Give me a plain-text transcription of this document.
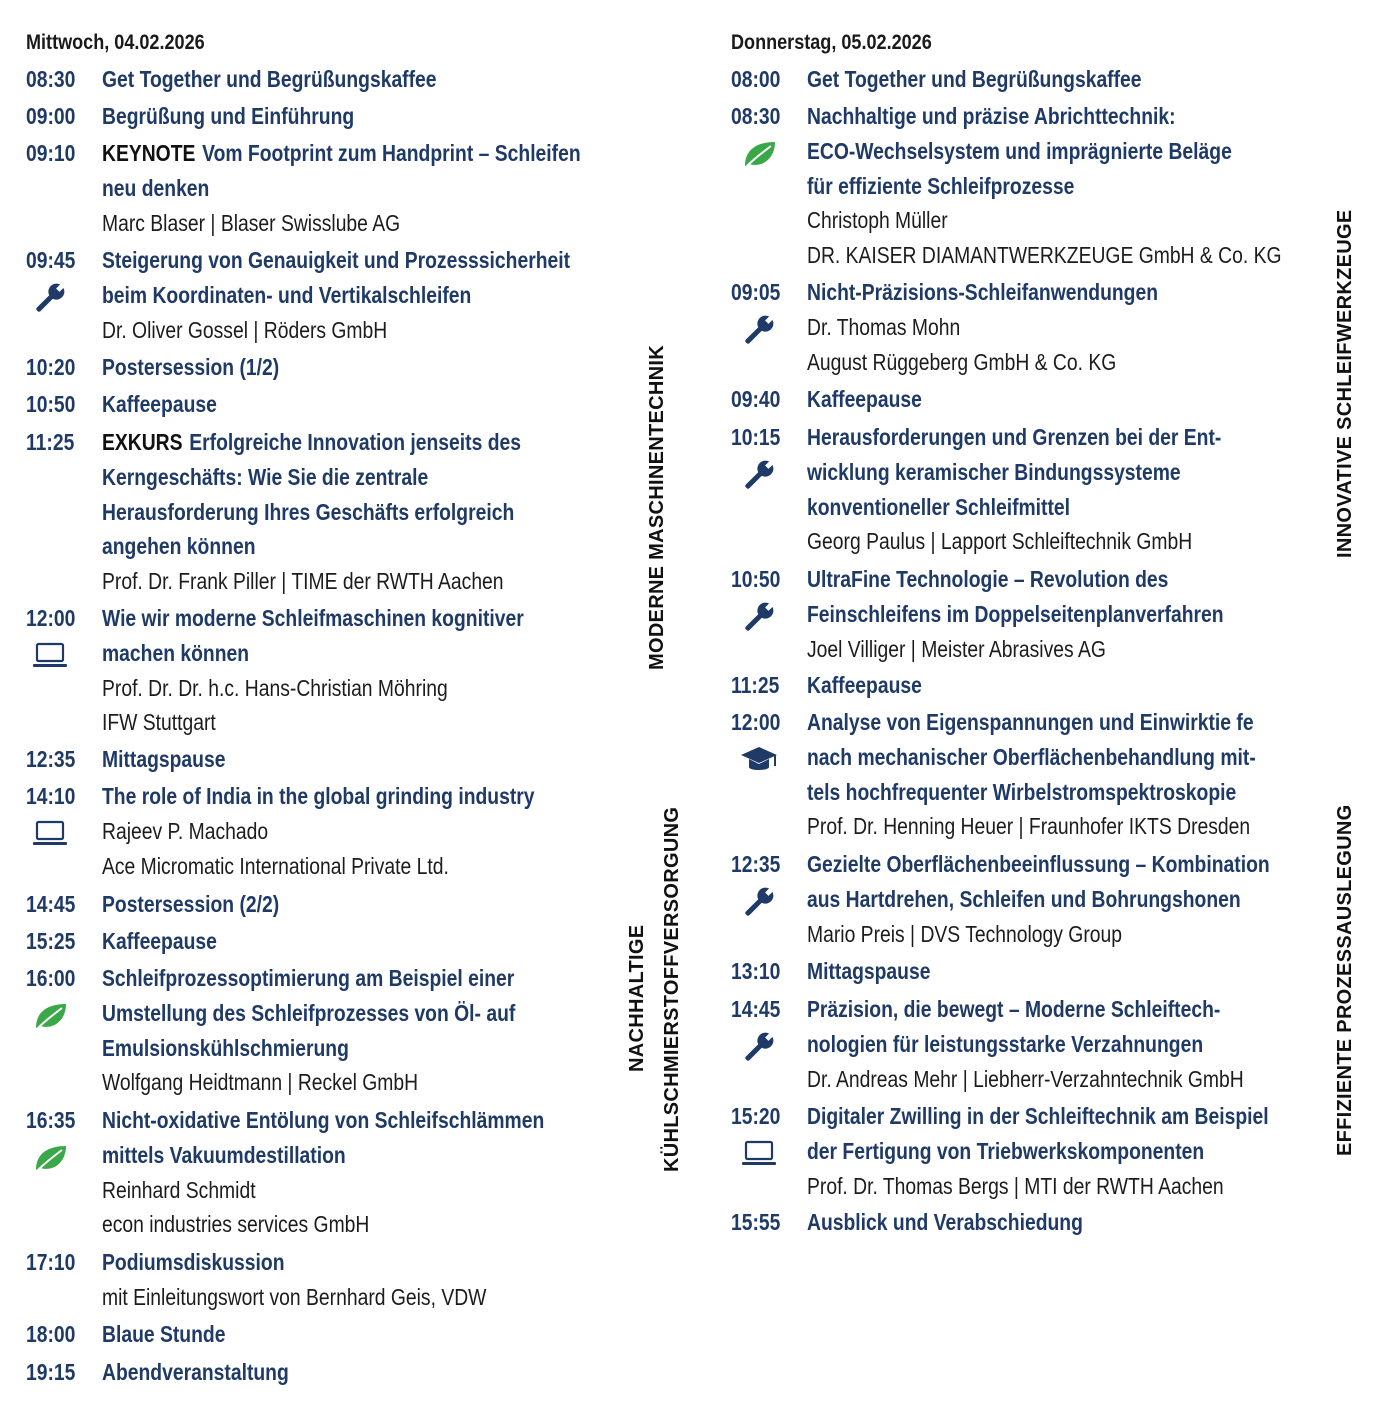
Mittwoch, 04.02.2026
08:30 Get Together und Begrüßungskaffee
09:00 Begrüßung und Einführung
09:10 KEYNOTE Vom Footprint zum Handprint – Schleifen
neu denken
Marc Blaser | Blaser Swisslube AG
09:45 Steigerung von Genauigkeit und Prozesssicherheit
beim Koordinaten- und Vertikalschleifen
Dr. Oliver Gossel | Röders GmbH
10:20 Postersession (1/2)
10:50 Kaffeepause
11:25 EXKURS Erfolgreiche Innovation jenseits des
Kerngeschäfts: Wie Sie die zentrale
Herausforderung Ihres Geschäfts erfolgreich
angehen können
Prof. Dr. Frank Piller | TIME der RWTH Aachen
12:00 Wie wir moderne Schleifmaschinen kognitiver
machen können
Prof. Dr. Dr. h.c. Hans-Christian Möhring
IFW Stuttgart
12:35 Mittagspause
14:10 The role of India in the global grinding industry
Rajeev P. Machado
Ace Micromatic International Private Ltd.
14:45 Postersession (2/2)
15:25 Kaffeepause
16:00 Schleifprozessoptimierung am Beispiel einer
Umstellung des Schleifprozesses von Öl- auf
Emulsionskühlschmierung
Wolfgang Heidtmann | Reckel GmbH
16:35 Nicht-oxidative Entölung von Schleifschlämmen
mittels Vakuumdestillation
Reinhard Schmidt
econ industries services GmbH
17:10 Podiumsdiskussion
mit Einleitungswort von Bernhard Geis, VDW
18:00 Blaue Stunde
19:15 Abendveranstaltung
Donnerstag, 05.02.2026
08:00 Get Together und Begrüßungskaffee
08:30 Nachhaltige und präzise Abrichttechnik:
ECO-Wechselsystem und imprägnierte Beläge
für effiziente Schleifprozesse
Christoph Müller
DR. KAISER DIAMANTWERKZEUGE GmbH & Co. KG
09:05 Nicht-Präzisions-Schleifanwendungen
Dr. Thomas Mohn
August Rüggeberg GmbH & Co. KG
09:40 Kaffeepause
10:15 Herausforderungen und Grenzen bei der Ent-
wicklung keramischer Bindungssysteme
konventioneller Schleifmittel
Georg Paulus | Lapport Schleiftechnik GmbH
10:50 UltraFine Technologie – Revolution des
Feinschleifens im Doppelseitenplanverfahren
Joel Villiger | Meister Abrasives AG
11:25 Kaffeepause
12:00 Analyse von Eigenspannungen und Einwirktie fe
nach mechanischer Oberflächenbehandlung mit-
tels hochfrequenter Wirbelstromspektroskopie
Prof. Dr. Henning Heuer | Fraunhofer IKTS Dresden
12:35 Gezielte Oberflächenbeeinflussung – Kombination
aus Hartdrehen, Schleifen und Bohrungshonen
Mario Preis | DVS Technology Group
13:10 Mittagspause
14:45 Präzision, die bewegt – Moderne Schleiftech-
nologien für leistungsstarke Verzahnungen
Dr. Andreas Mehr | Liebherr-Verzahntechnik GmbH
15:20 Digitaler Zwilling in der Schleiftechnik am Beispiel
der Fertigung von Triebwerkskomponenten
Prof. Dr. Thomas Bergs | MTI der RWTH Aachen
15:55 Ausblick und Verabschiedung
MODERNE MASCHINENTECHNIK
NACHHALTIGE KÜHLSCHMIERSTOFFVERSORGUNG
INNOVATIVE SCHLEIFWERKZEUGE
EFFIZIENTE PROZESSAUSLEGUNG
